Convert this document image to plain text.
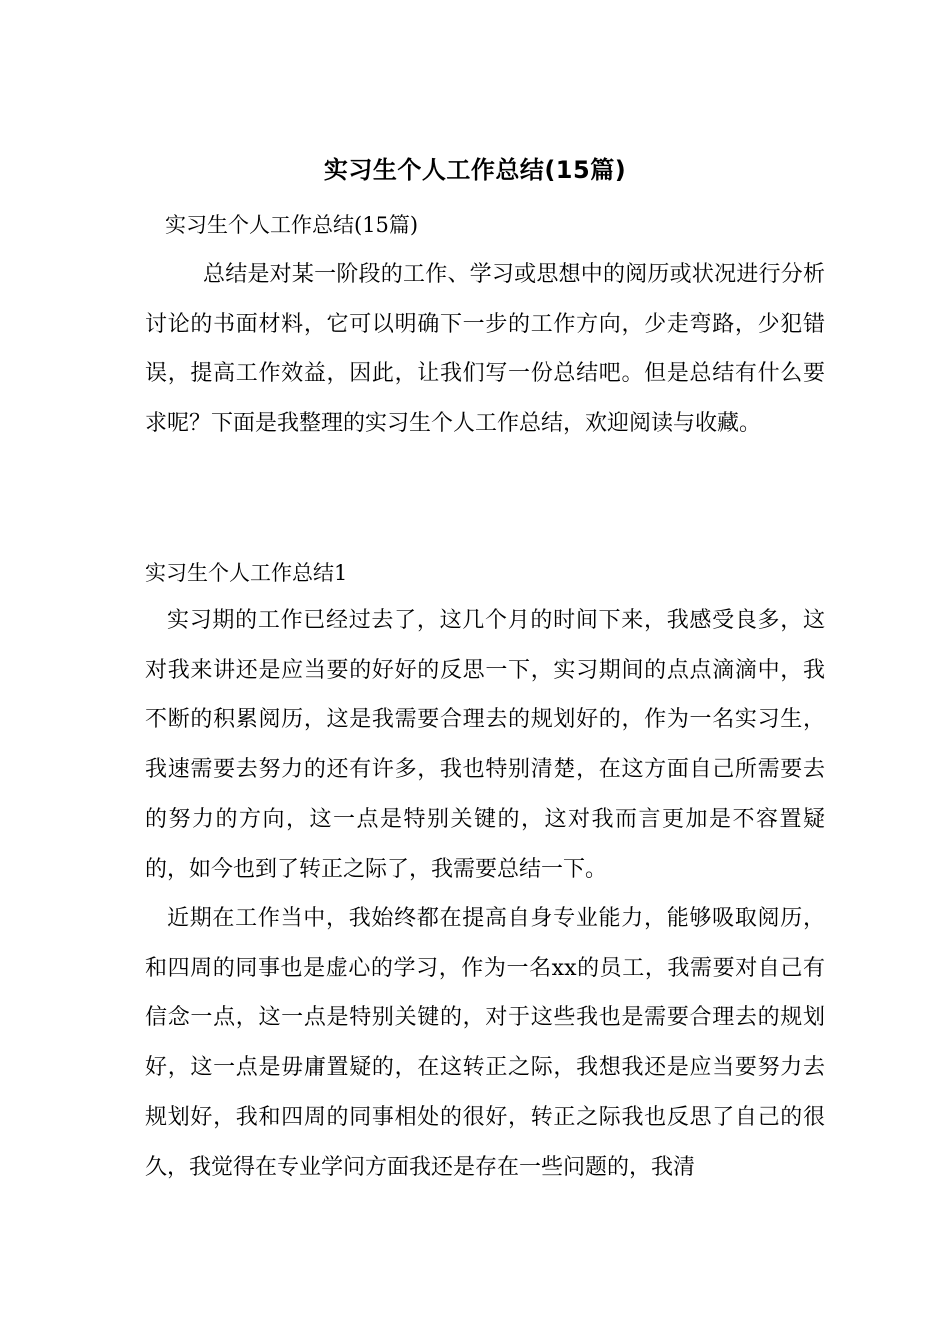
实习生个人工作总结(15篇)
实习生个人工作总结(15篇)

总结是对某一阶段的工作、学习或思想中的阅历或状况进行分析讨论的书面材料，它可以明确下一步的工作方向，少走弯路，少犯错误，提高工作效益，因此，让我们写一份总结吧。但是总结有什么要求呢？下面是我整理的实习生个人工作总结，欢迎阅读与收藏。

实习生个人工作总结1

实习期的工作已经过去了，这几个月的时间下来，我感受良多，这对我来讲还是应当要的好好的反思一下，实习期间的点点滴滴中，我不断的积累阅历，这是我需要合理去的规划好的，作为一名实习生，我速需要去努力的还有许多，我也特别清楚，在这方面自己所需要去的努力的方向，这一点是特别关键的，这对我而言更加是不容置疑的，如今也到了转正之际了，我需要总结一下。

近期在工作当中，我始终都在提高自身专业能力，能够吸取阅历，和四周的同事也是虚心的学习，作为一名xx的员工，我需要对自己有信念一点，这一点是特别关键的，对于这些我也是需要合理去的规划好，这一点是毋庸置疑的，在这转正之际，我想我还是应当要努力去规划好，我和四周的同事相处的很好，转正之际我也反思了自己的很久，我觉得在专业学问方面我还是存在一些问题的，我清
